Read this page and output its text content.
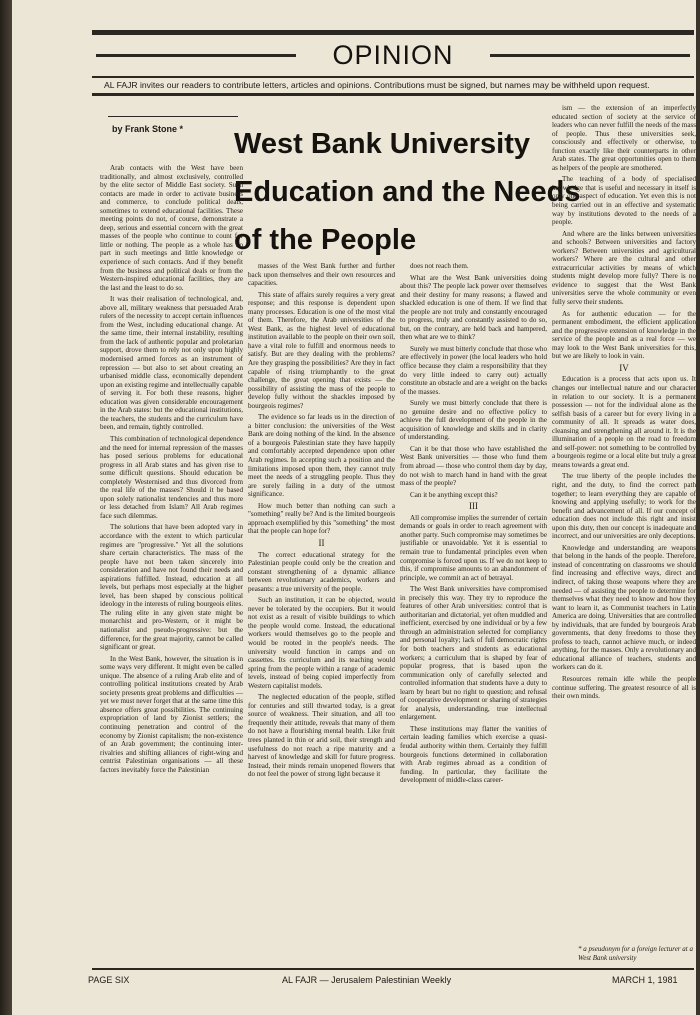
OPINION
AL FAJR invites our readers to contribute letters, articles and opinions. Contributions must be signed, but names may be withheld upon request.
by Frank Stone * West Bank University Education and the Needs of the People

Arab contacts with the West have been traditionally, and almost exclusively, controlled by the elite sector of Middle East society. Such contacts are made in order to activate business and commerce, to conclude political deals, sometimes to extend educational facilities. These meeting points do not, of course, demonstrate a deep, serious and essential concern with the great masses of the people who continue to count for little or nothing. The people as a whole has no part in such meetings and little knowledge or experience of such contacts. And if they benefit from the business and political deals or from the Western-inspired educational facilities, they are the last and the least to do so.

It was their realisation of technological, and, above all, military weakness that persuaded Arab rulers of the necessity to accept certain influences from the West, including educational change. At the same time, their internal instability, resulting from the lack of authentic popular and proletarian support, drove them to rely not only upon highly modernised armed forces as an instrument of repression — but also to set about creating an urbanised middle class, economically dependent upon an existing regime and intellectually capable of serving it. For both these reasons, higher education was given considerable encouragement in the Arab states: but the educational institutions, the teachers, the students and the curriculum have been, and remain, tightly controlled.

This combination of technological dependence and the need for internal repression of the masses has posed serious problems for educational progress in all Arab states and has given rise to some difficult questions. Should education be completely Westernised and thus divorced from the real life of the masses? Should it be based upon solely nationalist tendencies and thus more or less detached from Islam? All Arab regimes face such dilemmas.

The solutions that have been adopted vary in accordance with the extent to which particular regimes are "progressive." Yet all the solutions share certain characteristics. The mass of the people have not been taken sincerely into consideration and have not found their needs and aspirations fulfilled. Instead, education at all levels, but perhaps most especially at the higher level, has been shaped by conscious political ideology in the interests of ruling bourgeois elites. The ruling elite in any given state might be monarchist and pro-Western, or it might be nationalist and pseudo-progressive: but the difference, for the great majority, cannot be called significant or great.

In the West Bank, however, the situation is in some ways very different. It might even be called unique. The absence of a ruling Arab elite and of controlling political institutions created by Arab society presents great problems and difficulties — yet we must never forget that at the same time this absence offers great possibilities. The continuing expropriation of land by Zionist settlers; the continuing penetration and control of the economy by Zionist capitalism; the non-existence of an Arab government; the continuing inter-rivalries and shifting alliances of right-wing and centrist Palestinian organisations — all these factors inevitably force the Palestinian

masses of the West Bank further and further back upon themselves and their own resources and capacities.

This state of affairs surely requires a very great response; and this response is dependent upon many processes. Education is one of the most vital of them. Therefore, the Arab universities of the West Bank, as the highest level of educational institution available to the people on their own soil, have a vital role to fulfill and enormous needs to satisfy. But are they dealing with the problems? Are they grasping the possibilities? Are they in fact capable of rising triumphantly to the great challenge, the great opening that exists — the possibility of assisting the mass of the people to develop fully without the shackles imposed by bourgeois regimes?

The evidence so far leads us in the direction of a bitter conclusion: the universities of the West Bank are doing nothing of the kind. In the absence of a bourgeois Palestinian state they have happily and comfortably accepted dependence upon other Arab regimes. In accepting such a position and the limitations imposed upon them, they cannot truly meet the needs of a struggling people. Thus they are surely failing in a duty of the utmost significance.

How much better than nothing can such a "something" really be? And is the limited bourgeois approach exemplified by this "something" the most that the people can hope for?

II

The correct educational strategy for the Palestinian people could only be the creation and constant strengthening of a dynamic alliance between revolutionary academics, workers and peasants: a true university of the people.

Such an institution, it can be objected, would never be tolerated by the occupiers. But it would not exist as a result of visible buildings to which the people would come. Instead, the educational workers would themselves go to the people and would be rooted in the people's needs. The university would function in camps and on cassettes. Its curriculum and its teaching would spring from the people within a range of academic levels, instead of being copied imperfectly from Western capitalist models.

The neglected education of the people, stifled for centuries and still thwarted today, is a great source of weakness. Their situation, and all too frequently their attitude, reveals that many of them do not have a flourishing mental health. Like fruit trees planted in thin or arid soil, their strength and usefulness do not reach a ripe maturity and a harvest of knowledge and skill for future progress. Instead, their minds remain unopened flowers that do not feel the power of strong light because it

does not reach them.

What are the West Bank universities doing about this? The people lack power over themselves and their destiny for many reasons; a flawed and shackled education is one of them. If we find that the people are not truly and constantly encouraged to progress, truly and constantly assisted to do so, but, on the contrary, are held back and hampered, then what are we to think?

Surely we must bitterly conclude that those who are effectively in power (the local leaders who hold office because they claim a responsibility that they do very little indeed to carry out) actually constitute an obstacle and are a weight on the backs of the masses.

Surely we must bitterly conclude that there is no genuine desire and no effective policy to achieve the full development of the people in the acquisition of knowledge and skills and in clarity of understanding.

Can it be that those who have established the West Bank universities — those who fund them from abroad — those who control them day by day, do not wish to march hand in hand with the great mass of the people?

Can it be anything except this?

III

All compromise implies the surrender of certain demands or goals in order to reach agreement with another party. Such compromise may sometimes be justifiable or unavoidable. Yet it is essential to remain true to fundamental principles even when compromise is forced upon us. If we do not keep to this, if compromise amounts to an abandonment of principle, we commit an act of betrayal.

The West Bank universities have compromised in precisely this way. They try to reproduce the features of other Arab universities: control that is authoritarian and dictatorial, yet often muddled and inefficient, exercised by one individual or by a few through an administration selected for compliancy and personal loyalty; lack of full democratic rights for both teachers and students as educational workers; a curriculum that is shaped by fear of popular progress, that is based upon the communication only of carefully selected and controlled information that students have a duty to learn by heart but no right to question; and refusal of cooperative development or sharing of strategies for analysis, understanding, true intellectual enlargement.

These institutions may flatter the vanities of certain leading families which exercise a quasi-feudal authority within them. Certainly they fulfill bourgeois functions determined in collaboration with Arab regimes abroad as a condition of funding. In particular, they facilitate the development of middle-class career-

ism — the extension of an imperfectly educated section of society at the service of leaders who can never fulfill the needs of the mass of people. Thus these universities seek, consciously and effectively or otherwise, to function exactly like their counterparts in other Arab states. The great opportunities open to them as helpers of the people are smothered.

The teaching of a body of specialised knowledge that is useful and necessary in itself is only one aspect of education. Yet even this is not being carried out in an effective and systematic way by institutions devoted to the needs of a people.

And where are the links between universities and schools? Between universities and factory workers? Between universities and agricultural workers? Where are the cultural and other extracurricular activities by means of which students might develop more fully? There is no evidence to suggest that the West Bank universities serve the whole community or even fully serve their students.

As for authentic education — for the permanent embodiment, the efficient application and the progressive extension of knowledge in the service of the people and as a real force — we may look to the West Bank universities for this, but we are likely to look in vain.

IV

Education is a process that acts upon us. It changes our intellectual nature and our character in relation to our society. It is a permanent possession — not for the individual alone as the selfish basis of a career but for every living in a community of all. It spreads as water does, cleansing and strengthening all around it. It is the illumination of a people on the road to freedom and self-power: not something to be controlled by a bourgeois regime or a local elite but truly a great means towards a great end.

The true liberty of the people includes the right, and the duty, to find the correct path together; to learn everything they are capable of knowing and applying usefully; to work for the benefit and advancement of all. If our concept of education does not include this right and insist upon this duty, then our concept is inadequate and incorrect, and our universities are only deceptions.

Knowledge and understanding are weapons that belong in the hands of the people. Therefore, instead of concentrating on classrooms we should find increasing and effective ways, direct and indirect, of taking those weapons where they are needed — of assisting the people to determine for themselves what they need to know and how they want to learn it, as Communist teachers in Latin America are doing. Universities that are controlled by individuals, that are funded by bourgeois Arab governments, that deny freedoms to those they profess to teach, cannot achieve much, or indeed anything, for the masses. Only a revolutionary and educational alliance of teachers, students and workers can do it.

Resources remain idle while the people continue suffering. The greatest resource of all is their own minds.

* a pseudonym for a foreign lecturer at a West Bank university
PAGE SIX	AL FAJR — Jerusalem Palestinian Weekly	MARCH 1, 1981
